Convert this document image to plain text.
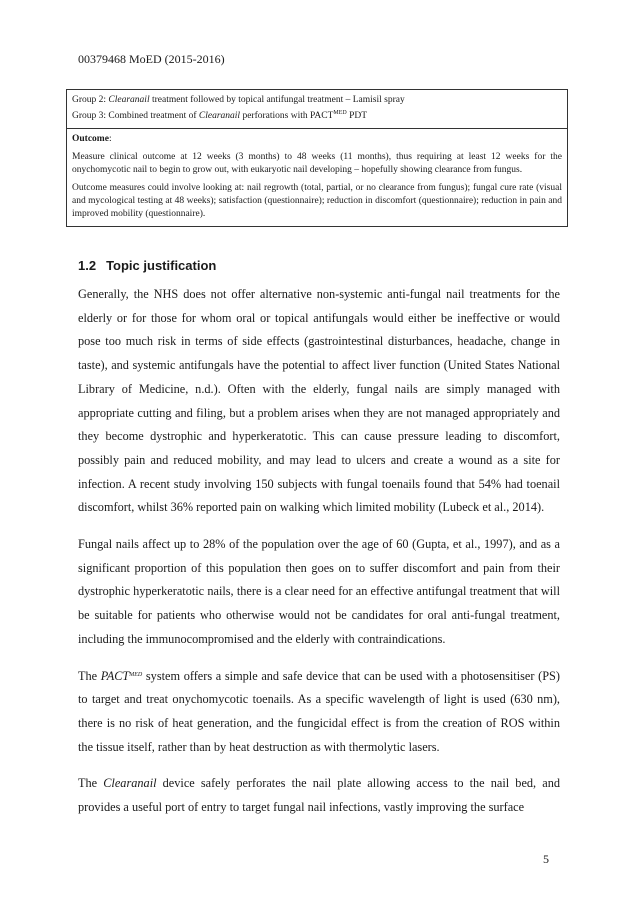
00379468 MoED (2015-2016)

Group 2: Clearanail treatment followed by topical antifungal treatment – Lamisil spray

Group 3: Combined treatment of Clearanail perforations with $PACT^{MED}$ PDT

Outcome:

Measure clinical outcome at 12 weeks (3 months) to 48 weeks (11 months), thus requiring at least 12 weeks for the onychomycotic nail to begin to grow out, with eukaryotic nail developing – hopefully showing clearance from fungus.

Outcome measures could involve looking at: nail regrowth (total, partial, or no clearance from fungus); fungal cure rate (visual and mycological testing at 48 weeks); satisfaction (questionnaire); reduction in discomfort (questionnaire); reduction in pain and improved mobility (questionnaire).

1.2 Topic justification

Generally, the NHS does not offer alternative non-systemic anti-fungal nail treatments for the elderly or for those for whom oral or topical antifungals would either be ineffective or would pose too much risk in terms of side effects (gastrointestinal disturbances, headache, change in taste), and systemic antifungals have the potential to affect liver function (United States National Library of Medicine, n.d.). Often with the elderly, fungal nails are simply managed with appropriate cutting and filing, but a problem arises when they are not managed appropriately and they become dystrophic and hyperkeratotic. This can cause pressure leading to discomfort, possibly pain and reduced mobility, and may lead to ulcers and create a wound as a site for infection. A recent study involving 150 subjects with fungal toenails found that 54% had toenail discomfort, whilst 36% reported pain on walking which limited mobility (Lubeck et al., 2014).

Fungal nails affect up to 28% of the population over the age of 60 (Gupta, et al., 1997), and as a significant proportion of this population then goes on to suffer discomfort and pain from their dystrophic hyperkeratotic nails, there is a clear need for an effective antifungal treatment that will be suitable for patients who otherwise would not be candidates for oral anti-fungal treatment, including the immunocompromised and the elderly with contraindications.

The $PACT^{MED}$ system offers a simple and safe device that can be used with a photosensitiser (PS) to target and treat onychomycotic toenails. As a specific wavelength of light is used (630 nm), there is no risk of heat generation, and the fungicidal effect is from the creation of ROS within the tissue itself, rather than by heat destruction as with thermolytic lasers.

The Clearanail device safely perforates the nail plate allowing access to the nail bed, and provides a useful port of entry to target fungal nail infections, vastly improving the surface

5
